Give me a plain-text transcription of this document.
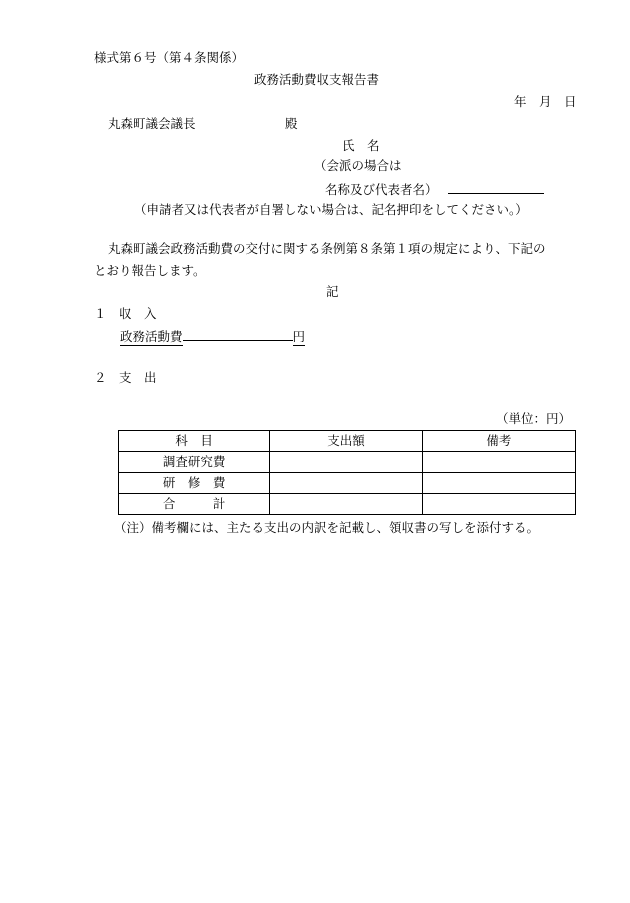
様式第６号（第４条関係）
政務活動費収支報告書
年　月　日
丸森町議会議長	殿
氏　名
（会派の場合は
名称及び代表者名）
（申請者又は代表者が自署しない場合は、記名押印をしてください。）
丸森町議会政務活動費の交付に関する条例第８条第１項の規定により、下記の
とおり報告します。
記
１　収　入
政務活動費	円
２　支　出
（単位：円）
科　目	支出額	備考
調査研究費		
研　修　費		
合　　　計		
（注）備考欄には、主たる支出の内訳を記載し、領収書の写しを添付する。
